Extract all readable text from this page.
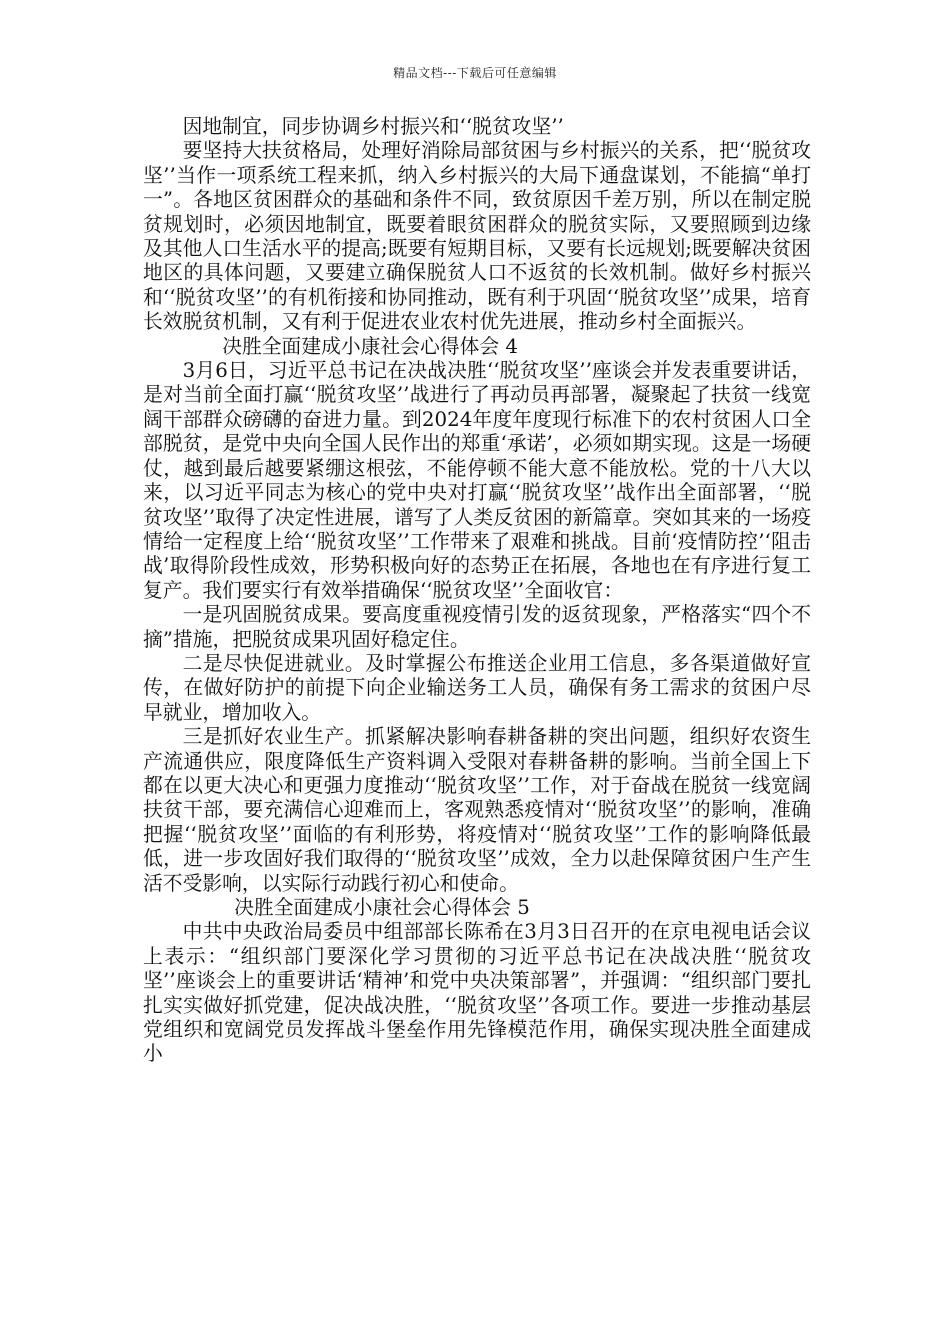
精品文档---下载后可任意编辑

因地制宜，同步协调乡村振兴和‘‘脱贫攻坚’’

要坚持大扶贫格局，处理好消除局部贫困与乡村振兴的关系，把‘‘脱贫攻坚’’当作一项系统工程来抓，纳入乡村振兴的大局下通盘谋划，不能搞“单打一”。各地区贫困群众的基础和条件不同，致贫原因千差万别，所以在制定脱贫规划时，必须因地制宜，既要着眼贫困群众的脱贫实际，又要照顾到边缘及其他人口生活水平的提高;既要有短期目标，又要有长远规划;既要解决贫困地区的具体问题，又要建立确保脱贫人口不返贫的长效机制。做好乡村振兴和‘‘脱贫攻坚’’的有机衔接和协同推动，既有利于巩固‘‘脱贫攻坚’’成果，培育长效脱贫机制，又有利于促进农业农村优先进展，推动乡村全面振兴。

决胜全面建成小康社会心得体会 4

3月6日，习近平总书记在决战决胜‘‘脱贫攻坚’’座谈会并发表重要讲话，是对当前全面打赢‘‘脱贫攻坚’’战进行了再动员再部署，凝聚起了扶贫一线宽阔干部群众磅礴的奋进力量。到2024年度年度现行标准下的农村贫困人口全部脱贫，是党中央向全国人民作出的郑重‘承诺’，必须如期实现。这是一场硬仗，越到最后越要紧绷这根弦，不能停顿不能大意不能放松。党的十八大以来，以习近平同志为核心的党中央对打赢‘‘脱贫攻坚’’战作出全面部署，‘‘脱贫攻坚’’取得了决定性进展，谱写了人类反贫困的新篇章。突如其来的一场疫情给一定程度上给‘‘脱贫攻坚’’工作带来了艰难和挑战。目前‘疫情防控’‘阻击战’取得阶段性成效，形势积极向好的态势正在拓展，各地也在有序进行复工复产。我们要实行有效举措确保‘‘脱贫攻坚’’全面收官：

一是巩固脱贫成果。要高度重视疫情引发的返贫现象，严格落实“四个不摘”措施，把脱贫成果巩固好稳定住。

二是尽快促进就业。及时掌握公布推送企业用工信息，多各渠道做好宣传，在做好防护的前提下向企业输送务工人员，确保有务工需求的贫困户尽早就业，增加收入。

三是抓好农业生产。抓紧解决影响春耕备耕的突出问题，组织好农资生产流通供应，限度降低生产资料调入受限对春耕备耕的影响。当前全国上下都在以更大决心和更强力度推动‘‘脱贫攻坚’’工作，对于奋战在脱贫一线宽阔扶贫干部，要充满信心迎难而上，客观熟悉疫情对‘‘脱贫攻坚’’的影响，准确把握‘‘脱贫攻坚’’面临的有利形势，将疫情对‘‘脱贫攻坚’’工作的影响降低最低，进一步攻固好我们取得的‘‘脱贫攻坚’’成效，全力以赴保障贫困户生产生活不受影响，以实际行动践行初心和使命。

决胜全面建成小康社会心得体会 5

中共中央政治局委员中组部部长陈希在3月3日召开的在京电视电话会议上表示：“组织部门要深化学习贯彻的习近平总书记在决战决胜‘‘脱贫攻坚’’座谈会上的重要讲话‘精神’和党中央决策部署”，并强调：“组织部门要扎扎实实做好抓党建，促决战决胜，‘‘脱贫攻坚’’各项工作。要进一步推动基层党组织和宽阔党员发挥战斗堡垒作用先锋模范作用，确保实现决胜全面建成小
